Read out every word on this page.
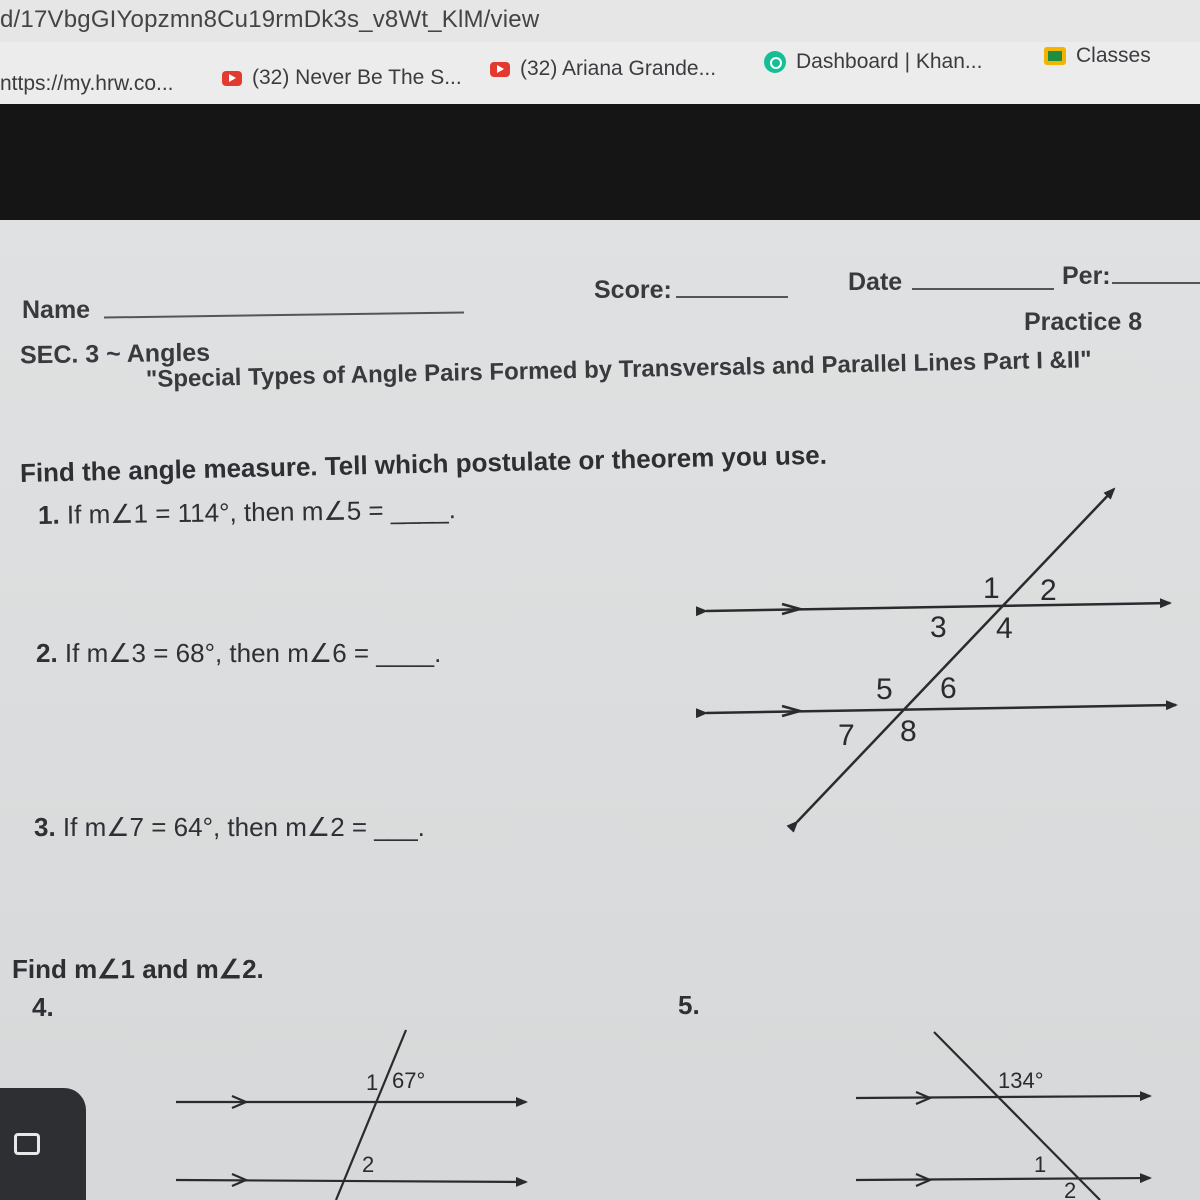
d/17VbgGIYopzmn8Cu19rmDk3s_v8Wt_KlM/view
nttps://my.hrw.co...	(32) Never Be The S...	(32) Ariana Grande...	Dashboard | Khan...	Classes
Name
Score:	Date	Per:
Practice 8
SEC. 3 ~ Angles
"Special Types of Angle Pairs Formed by Transversals and Parallel Lines Part I &II"
Find the angle measure. Tell which postulate or theorem you use.
1. If m∠1 = 114°, then m∠5 = ____.
2. If m∠3 = 68°, then m∠6 = ____.
3. If m∠7 = 64°, then m∠2 = ___.
Find m∠1 and m∠2.
4.	5.
1 2
3 4
5 6
7 8
1 67°
2
134°
1
2
